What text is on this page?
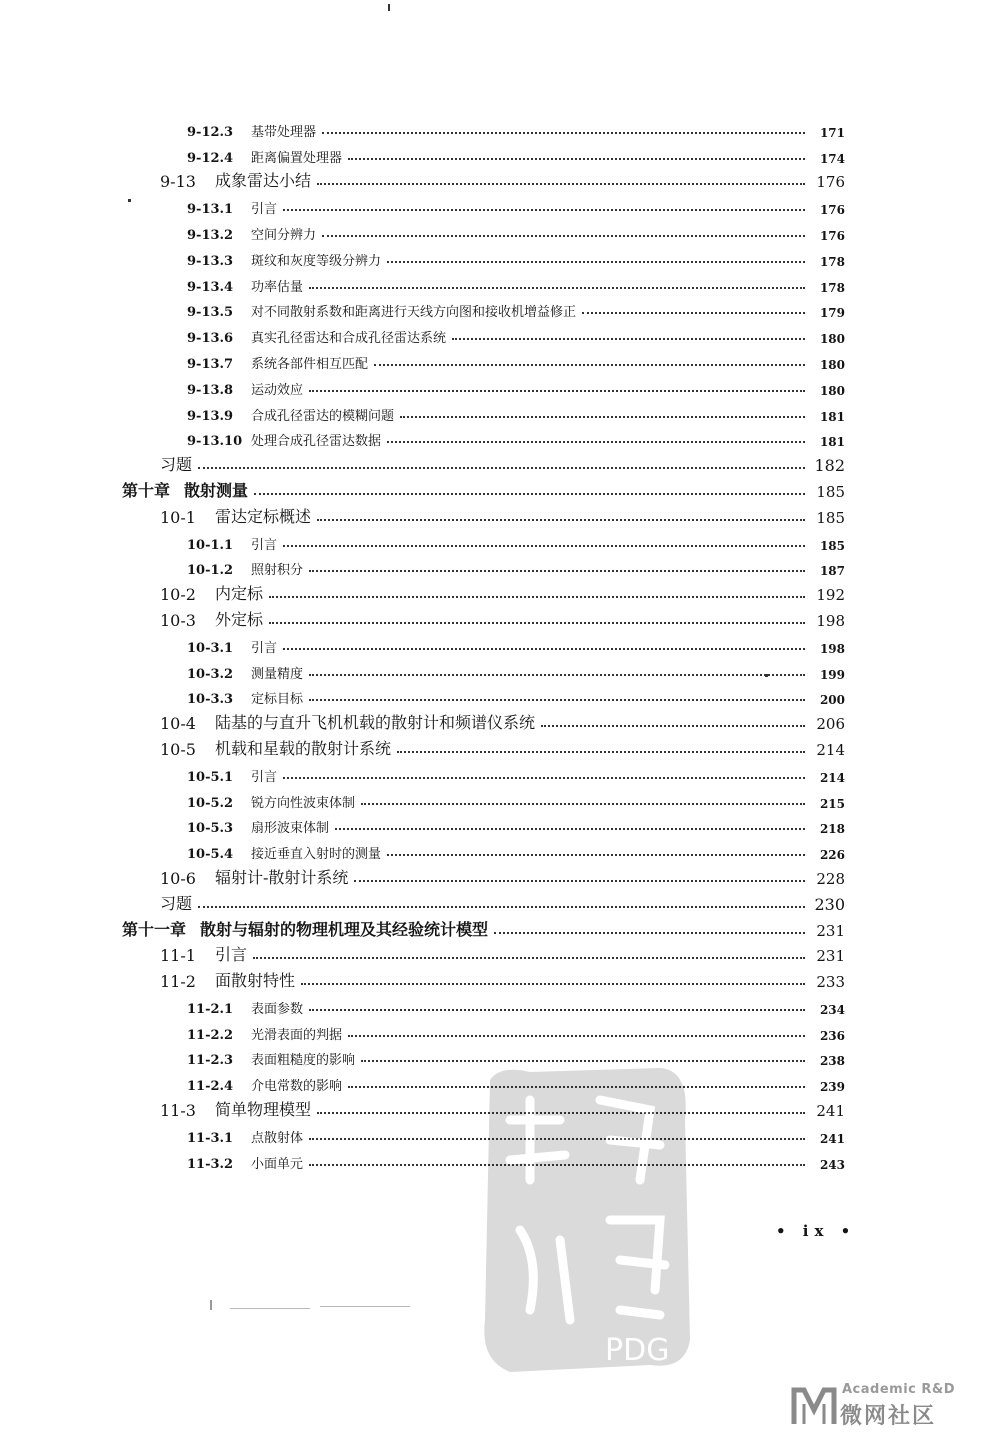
9-12.3	基带处理器	171
9-12.4	距离偏置处理器	174
9-13	成象雷达小结	176
9-13.1	引言	176
9-13.2	空间分辨力	176
9-13.3	斑纹和灰度等级分辨力	178
9-13.4	功率估量	178
9-13.5	对不同散射系数和距离进行天线方向图和接收机增益修正	179
9-13.6	真实孔径雷达和合成孔径雷达系统	180
9-13.7	系统各部件相互匹配	180
9-13.8	运动效应	180
9-13.9	合成孔径雷达的模糊问题	181
9-13.10 处理合成孔径雷达数据	181
习题	182
第十章 散射测量	185
10-1	雷达定标概述	185
10-1.1	引言	185
10-1.2	照射积分	187
10-2	内定标	192
10-3	外定标	198
10-3.1	引言	198
10-3.2	测量精度	199
10-3.3	定标目标	200
10-4	陆基的与直升飞机机载的散射计和频谱仪系统	206
10-5	机载和星载的散射计系统	214
10-5.1	引言	214
10-5.2	锐方向性波束体制	215
10-5.3	扇形波束体制	218
10-5.4	接近垂直入射时的测量	226
10-6	辐射计-散射计系统	228
习题	230
第十一章 散射与辐射的物理机理及其经验统计模型	231
11-1	引言	231
11-2	面散射特性	233
11-2.1	表面参数	234
11-2.2	光滑表面的判据	236
11-2.3	表面粗糙度的影响	238
11-2.4	介电常数的影响	239
11-3	简单物理模型	241
11-3.1	点散射体	241
11-3.2	小面单元	243
PDG
• ix •
Academic R&D
微网社区
